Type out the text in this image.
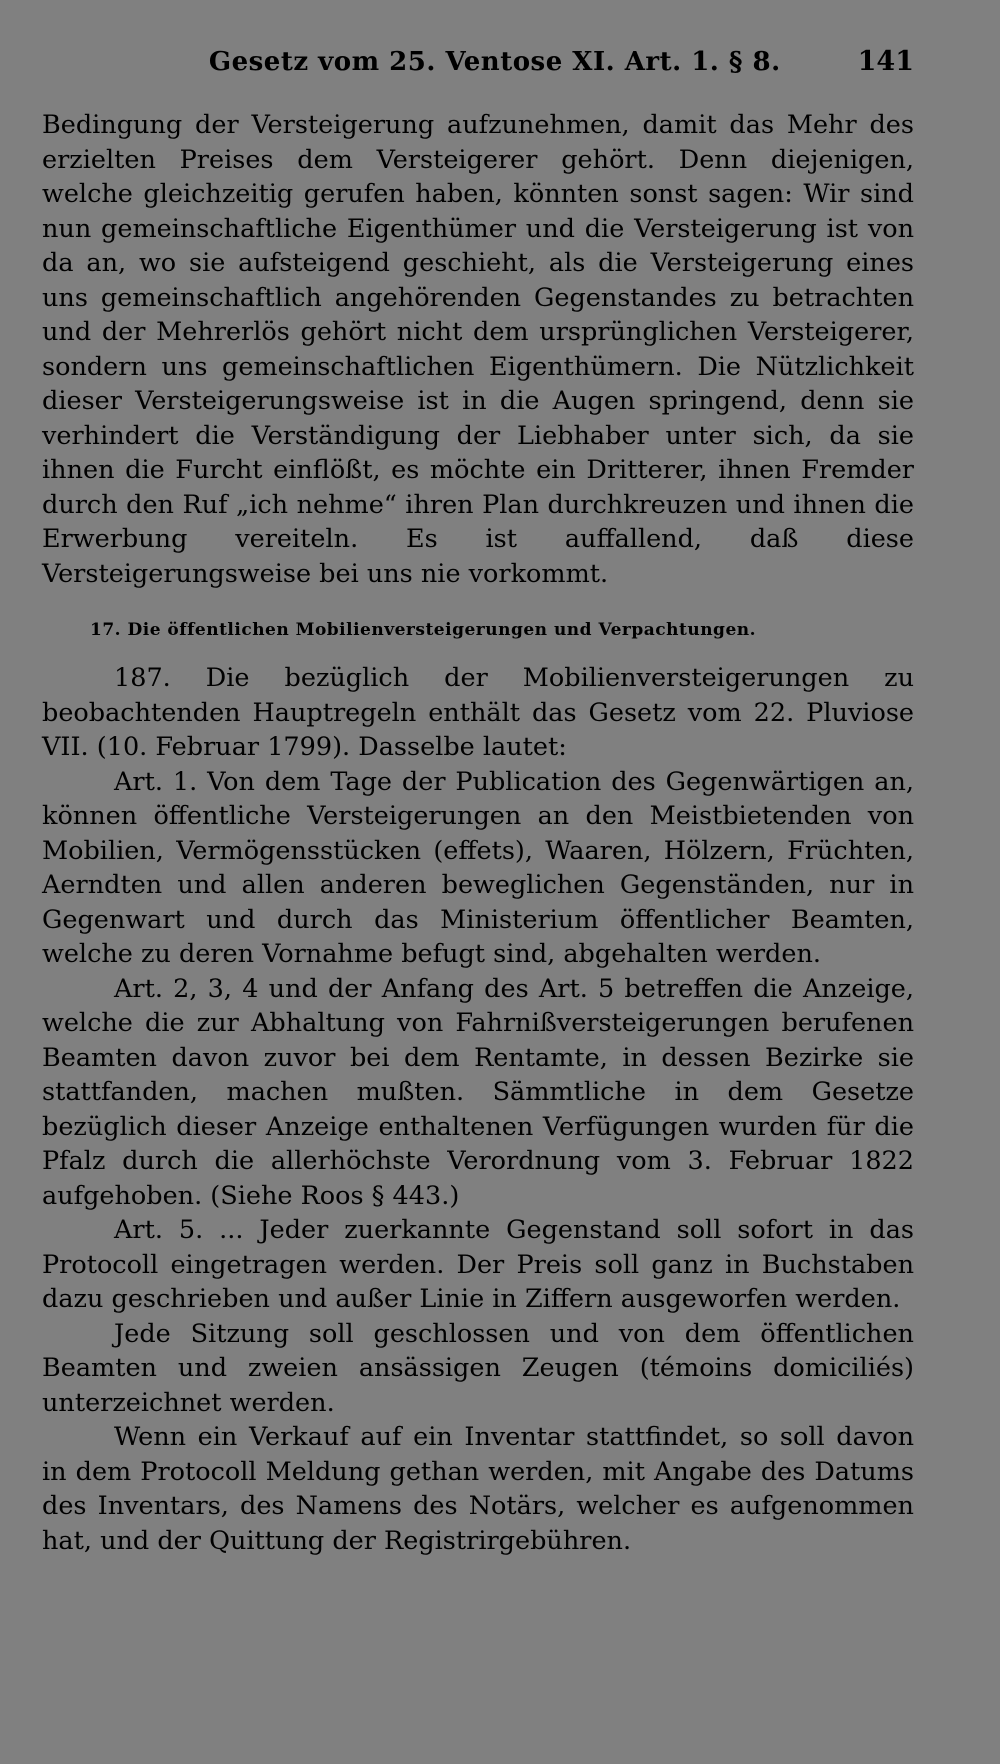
Gesetz vom 25. Ventose XI. Art. 1. § 8.	141

Bedingung der Versteigerung aufzunehmen, damit das Mehr des erzielten Preises dem Versteigerer gehört. Denn diejenigen, welche gleichzeitig gerufen haben, könnten sonst sagen: Wir sind nun gemeinschaftliche Eigenthümer und die Versteigerung ist von da an, wo sie aufsteigend geschieht, als die Versteigerung eines uns gemeinschaftlich angehörenden Gegenstandes zu betrachten und der Mehrerlös gehört nicht dem ursprünglichen Versteigerer, sondern uns gemeinschaftlichen Eigenthümern. Die Nützlichkeit dieser Versteigerungsweise ist in die Augen springend, denn sie verhindert die Verständigung der Liebhaber unter sich, da sie ihnen die Furcht einflößt, es möchte ein Dritterer, ihnen Fremder durch den Ruf „ich nehme“ ihren Plan durchkreuzen und ihnen die Erwerbung vereiteln. Es ist auffallend, daß diese Versteigerungsweise bei uns nie vorkommt.

17. Die öffentlichen Mobilienversteigerungen und Verpachtungen.

187. Die bezüglich der Mobilienversteigerungen zu beobachtenden Hauptregeln enthält das Gesetz vom 22. Pluviose VII. (10. Februar 1799). Dasselbe lautet:

Art. 1. Von dem Tage der Publication des Gegenwärtigen an, können öffentliche Versteigerungen an den Meistbietenden von Mobilien, Vermögensstücken (effets), Waaren, Hölzern, Früchten, Aerndten und allen anderen beweglichen Gegenständen, nur in Gegenwart und durch das Ministerium öffentlicher Beamten, welche zu deren Vornahme befugt sind, abgehalten werden.

Art. 2, 3, 4 und der Anfang des Art. 5 betreffen die Anzeige, welche die zur Abhaltung von Fahrnißversteigerungen berufenen Beamten davon zuvor bei dem Rentamte, in dessen Bezirke sie stattfanden, machen mußten. Sämmtliche in dem Gesetze bezüglich dieser Anzeige enthaltenen Verfügungen wurden für die Pfalz durch die allerhöchste Verordnung vom 3. Februar 1822 aufgehoben. (Siehe Roos § 443.)

Art. 5. ... Jeder zuerkannte Gegenstand soll sofort in das Protocoll eingetragen werden. Der Preis soll ganz in Buchstaben dazu geschrieben und außer Linie in Ziffern ausgeworfen werden.

Jede Sitzung soll geschlossen und von dem öffentlichen Beamten und zweien ansässigen Zeugen (témoins domiciliés) unterzeichnet werden.

Wenn ein Verkauf auf ein Inventar stattfindet, so soll davon in dem Protocoll Meldung gethan werden, mit Angabe des Datums des Inventars, des Namens des Notärs, welcher es aufgenommen hat, und der Quittung der Registrirgebühren.
